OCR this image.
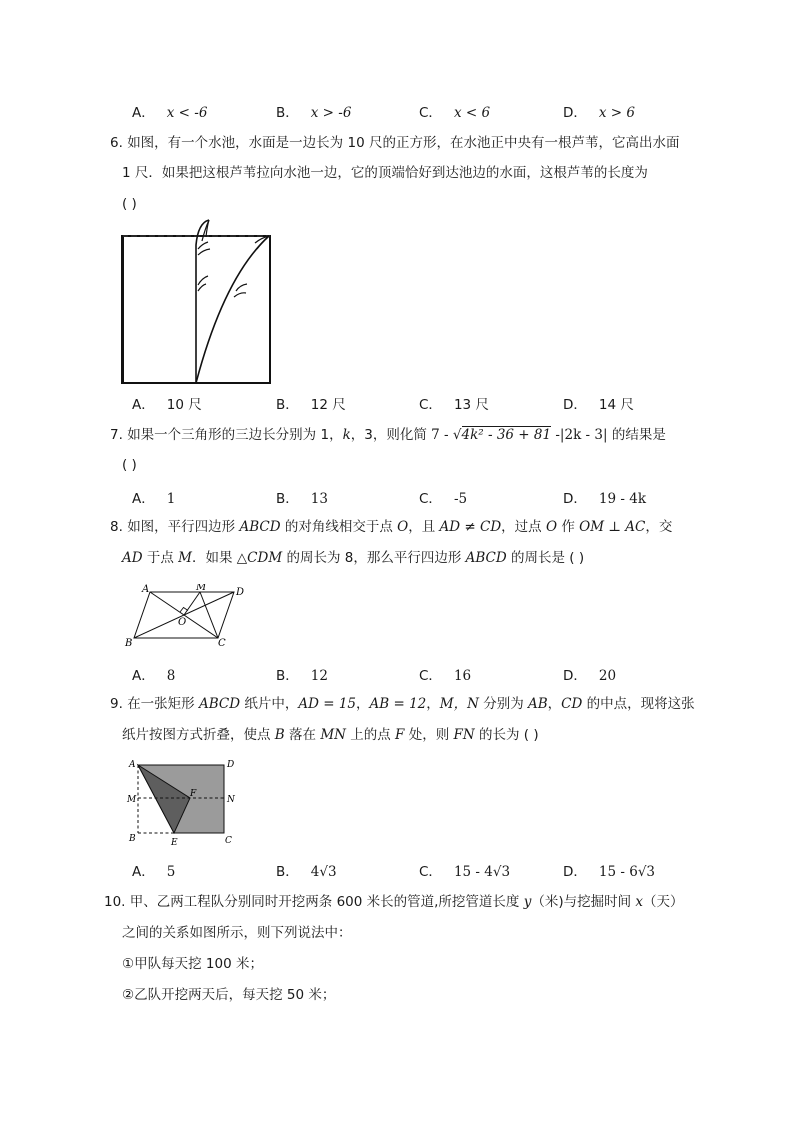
A． x < -6	B． x > -6	C． x < 6	D． x > 6
6. 如图，有一个水池，水面是一边长为 10 尺的正方形，在水池正中央有一根芦苇，它高出水面
1 尺．如果把这根芦苇拉向水池一边，它的顶端恰好到达池边的水面，这根芦苇的长度为
( )
A． 10 尺	B． 12 尺	C． 13 尺	D． 14 尺
7. 如果一个三角形的三边长分别为 1，k，3，则化简 7 - √4k² - 36 + 81 -|2k - 3| 的结果是
( )
A． 1	B． 13	C． -5	D． 19 - 4k
8. 如图，平行四边形 ABCD 的对角线相交于点 O，且 AD ≠ CD，过点 O 作 OM ⊥ AC，交
AD 于点 M．如果 △CDM 的周长为 8，那么平行四边形 ABCD 的周长是 ( )
A	M	D
O
B	C
A． 8	B． 12	C． 16	D． 20
9. 在一张矩形 ABCD 纸片中，AD = 15，AB = 12，M，N 分别为 AB，CD 的中点，现将这张
纸片按图方式折叠，使点 B 落在 MN 上的点 F 处，则 FN 的长为 ( )
A	D
M
F
N
B	E	C
A． 5	B． 4√3	C． 15 - 4√3	D． 15 - 6√3
10. 甲、乙两工程队分别同时开挖两条 600 米长的管道,所挖管道长度 y（米)与挖掘时间 x（天）
之间的关系如图所示，则下列说法中：
①甲队每天挖 100 米；
②乙队开挖两天后，每天挖 50 米；
